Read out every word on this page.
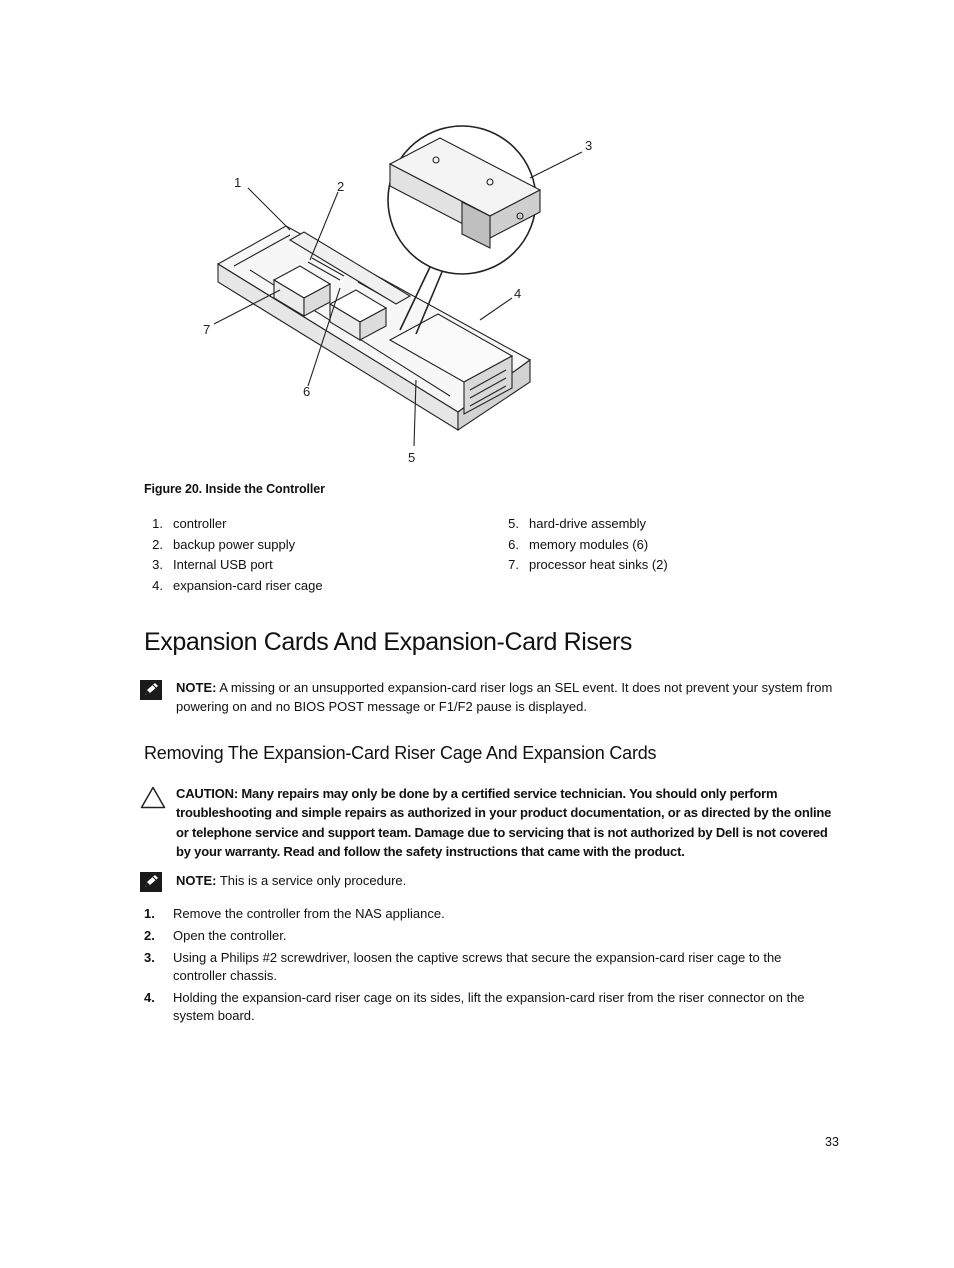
1	2
3
4
5
6
7
Figure 20. Inside the Controller
1. controller
2. backup power supply
3. Internal USB port
4. expansion-card riser cage
5. hard-drive assembly
6. memory modules (6)
7. processor heat sinks (2)
Expansion Cards And Expansion-Card Risers
NOTE: A missing or an unsupported expansion-card riser logs an SEL event. It does not prevent your system from powering on and no BIOS POST message or F1/F2 pause is displayed.
Removing The Expansion-Card Riser Cage And Expansion Cards
CAUTION: Many repairs may only be done by a certified service technician. You should only perform troubleshooting and simple repairs as authorized in your product documentation, or as directed by the online or telephone service and support team. Damage due to servicing that is not authorized by Dell is not covered by your warranty. Read and follow the safety instructions that came with the product.
NOTE: This is a service only procedure.
1. Remove the controller from the NAS appliance.
2. Open the controller.
3. Using a Philips #2 screwdriver, loosen the captive screws that secure the expansion-card riser cage to the controller chassis.
4. Holding the expansion-card riser cage on its sides, lift the expansion-card riser from the riser connector on the system board.
33
